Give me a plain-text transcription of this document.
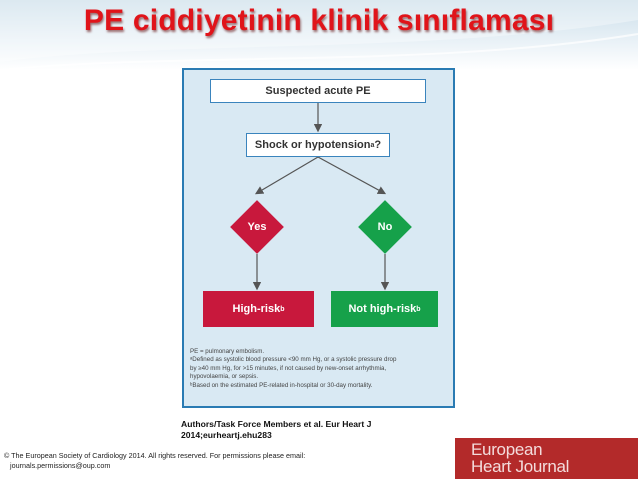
PE ciddiyetinin klinik sınıflaması
Suspected acute PE
Shock or hypotension a ?
Yes	No
High-risk b	Not high-risk b
PE = pulmonary embolism.
ᵃDefined as systolic blood pressure <90 mm Hg, or a systolic pressure drop
by ≥40 mm Hg, for >15 minutes, if not caused by new-onset arrhythmia,
hypovolaemia, or sepsis.
ᵇBased on the estimated PE-related in-hospital or 30-day mortality.
Authors/Task Force Members et al. Eur Heart J
2014;eurheartj.ehu283
© The European Society of Cardiology 2014. All rights reserved. For permissions please email:
journals.permissions@oup.com
European
Heart Journal
